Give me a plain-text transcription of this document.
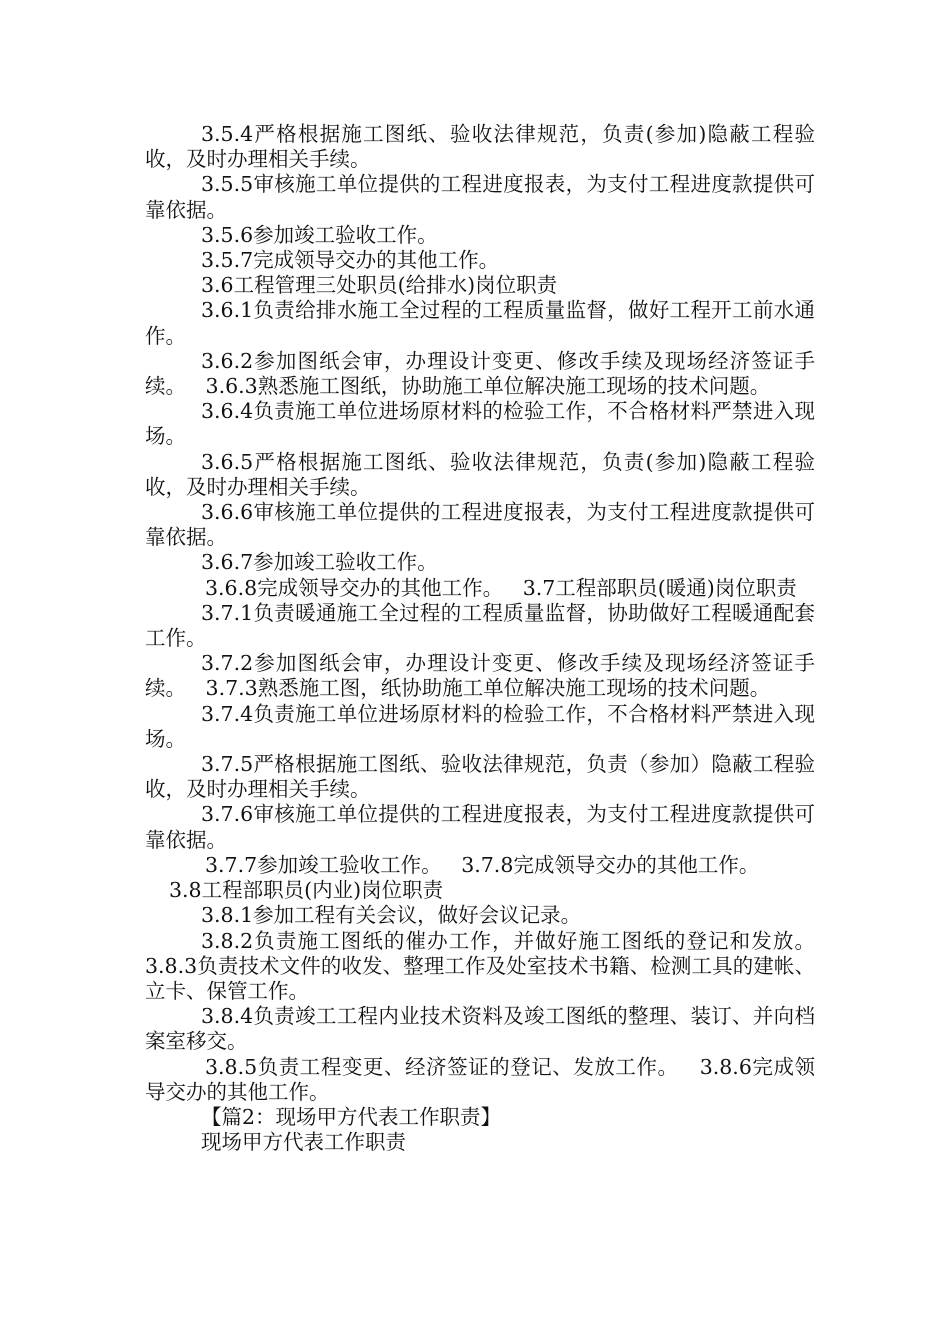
3.5.4严格根据施工图纸、验收法律规范，负责(参加)隐蔽工程验收，及时办理相关手续。

3.5.5审核施工单位提供的工程进度报表，为支付工程进度款提供可靠依据。

3.5.6参加竣工验收工作。

3.5.7完成领导交办的其他工作。

3.6工程管理三处职员(给排水)岗位职责

3.6.1负责给排水施工全过程的工程质量监督，做好工程开工前水通作。

3.6.2参加图纸会审，办理设计变更、修改手续及现场经济签证手续。   3.6.3熟悉施工图纸，协助施工单位解决施工现场的技术问题。

3.6.4负责施工单位进场原材料的检验工作，不合格材料严禁进入现场。

3.6.5严格根据施工图纸、验收法律规范，负责(参加)隐蔽工程验收，及时办理相关手续。

3.6.6审核施工单位提供的工程进度报表，为支付工程进度款提供可靠依据。

3.6.7参加竣工验收工作。

3.6.8完成领导交办的其他工作。   3.7工程部职员(暖通)岗位职责

3.7.1负责暖通施工全过程的工程质量监督，协助做好工程暖通配套工作。

3.7.2参加图纸会审，办理设计变更、修改手续及现场经济签证手续。   3.7.3熟悉施工图，纸协助施工单位解决施工现场的技术问题。

3.7.4负责施工单位进场原材料的检验工作，不合格材料严禁进入现场。

3.7.5严格根据施工图纸、验收法律规范，负责（参加）隐蔽工程验收，及时办理相关手续。

3.7.6审核施工单位提供的工程进度报表，为支付工程进度款提供可靠依据。

3.7.7参加竣工验收工作。   3.7.8完成领导交办的其他工作。

3.8工程部职员(内业)岗位职责

3.8.1参加工程有关会议，做好会议记录。

3.8.2负责施工图纸的催办工作，并做好施工图纸的登记和发放。   3.8.3负责技术文件的收发、整理工作及处室技术书籍、检测工具的建帐、立卡、保管工作。

3.8.4负责竣工工程内业技术资料及竣工图纸的整理、装订、并向档案室移交。

3.8.5负责工程变更、经济签证的登记、发放工作。   3.8.6完成领导交办的其他工作。

【篇2：现场甲方代表工作职责】

现场甲方代表工作职责
